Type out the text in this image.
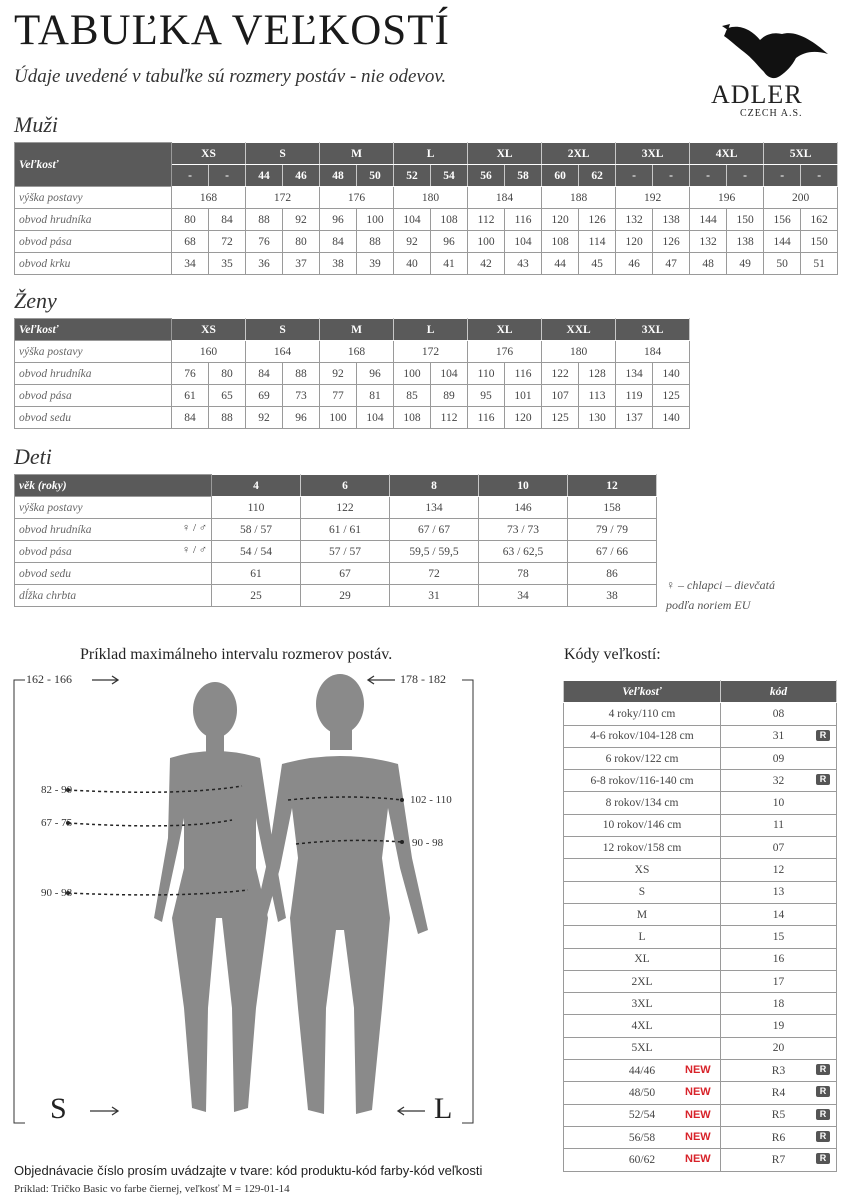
TABUĽKA VEĽKOSTÍ
Údaje uvedené v tabuľke sú rozmery postáv - nie odevov.
ADLER
CZECH A.S.
Muži
Veľkosť	XS		S		M		L		XL		2XL		3XL		4XL		5XL	
	-	-	44	46	48	50	52	54	56	58	60	62	-	-	-	-	-	-
výška postavy	168		172		176		180		184		188		192		196		200	
obvod hrudníka	80	84	88	92	96	100	104	108	112	116	120	126	132	138	144	150	156	162
obvod pása	68	72	76	80	84	88	92	96	100	104	108	114	120	126	132	138	144	150
obvod krku	34	35	36	37	38	39	40	41	42	43	44	45	46	47	48	49	50	51
Ženy
Veľkosť	XS		S		M		L		XL		XXL		3XL	
výška postavy	160		164		168		172		176		180		184	
obvod hrudníka	76	80	84	88	92	96	100	104	110	116	122	128	134	140
obvod pása	61	65	69	73	77	81	85	89	95	101	107	113	119	125
obvod sedu	84	88	92	96	100	104	108	112	116	120	125	130	137	140
Deti
věk (roky)	4	6	8	10	12
výška postavy	110	122	134	146	158
obvod hrudníka ♀ / ♂	58 / 57	61 / 61	67 / 67	73 / 73	79 / 79
obvod pása ♀ / ♂	54 / 54	57 / 57	59,5 / 59,5	63 / 62,5	67 / 66
obvod sedu	61	67	72	78	86
dĺžka chrbta	25	29	31	34	38
♀ – chlapci – dievčatá
podľa noriem EU
Príklad maximálneho intervalu rozmerov postáv.	Kódy veľkostí:
162 - 166	178 - 182
82 - 90
67 - 75
90 - 98
102 - 110
90 - 98
S	L
Veľkosť	kód
4 roky/110 cm	08
4-6 rokov/104-128 cm	31 R

6 rokov/122 cm	09
6-8 rokov/116-140 cm	32 R

8 rokov/134 cm	10
10 rokov/146 cm	11
12 rokov/158 cm	07
XS	12
S	13
M	14
L	15
XL	16
2XL	17
3XL	18
4XL	19
5XL	20
44/46 NEW	R3 R

48/50 NEW	R4 R

52/54 NEW	R5 R

56/58 NEW	R6 R

60/62 NEW	R7 R
Objednávacie číslo prosím uvádzajte v tvare: kód produktu-kód farby-kód veľkosti
Príklad: Tričko Basic vo farbe čiernej, veľkosť M = 129-01-14
